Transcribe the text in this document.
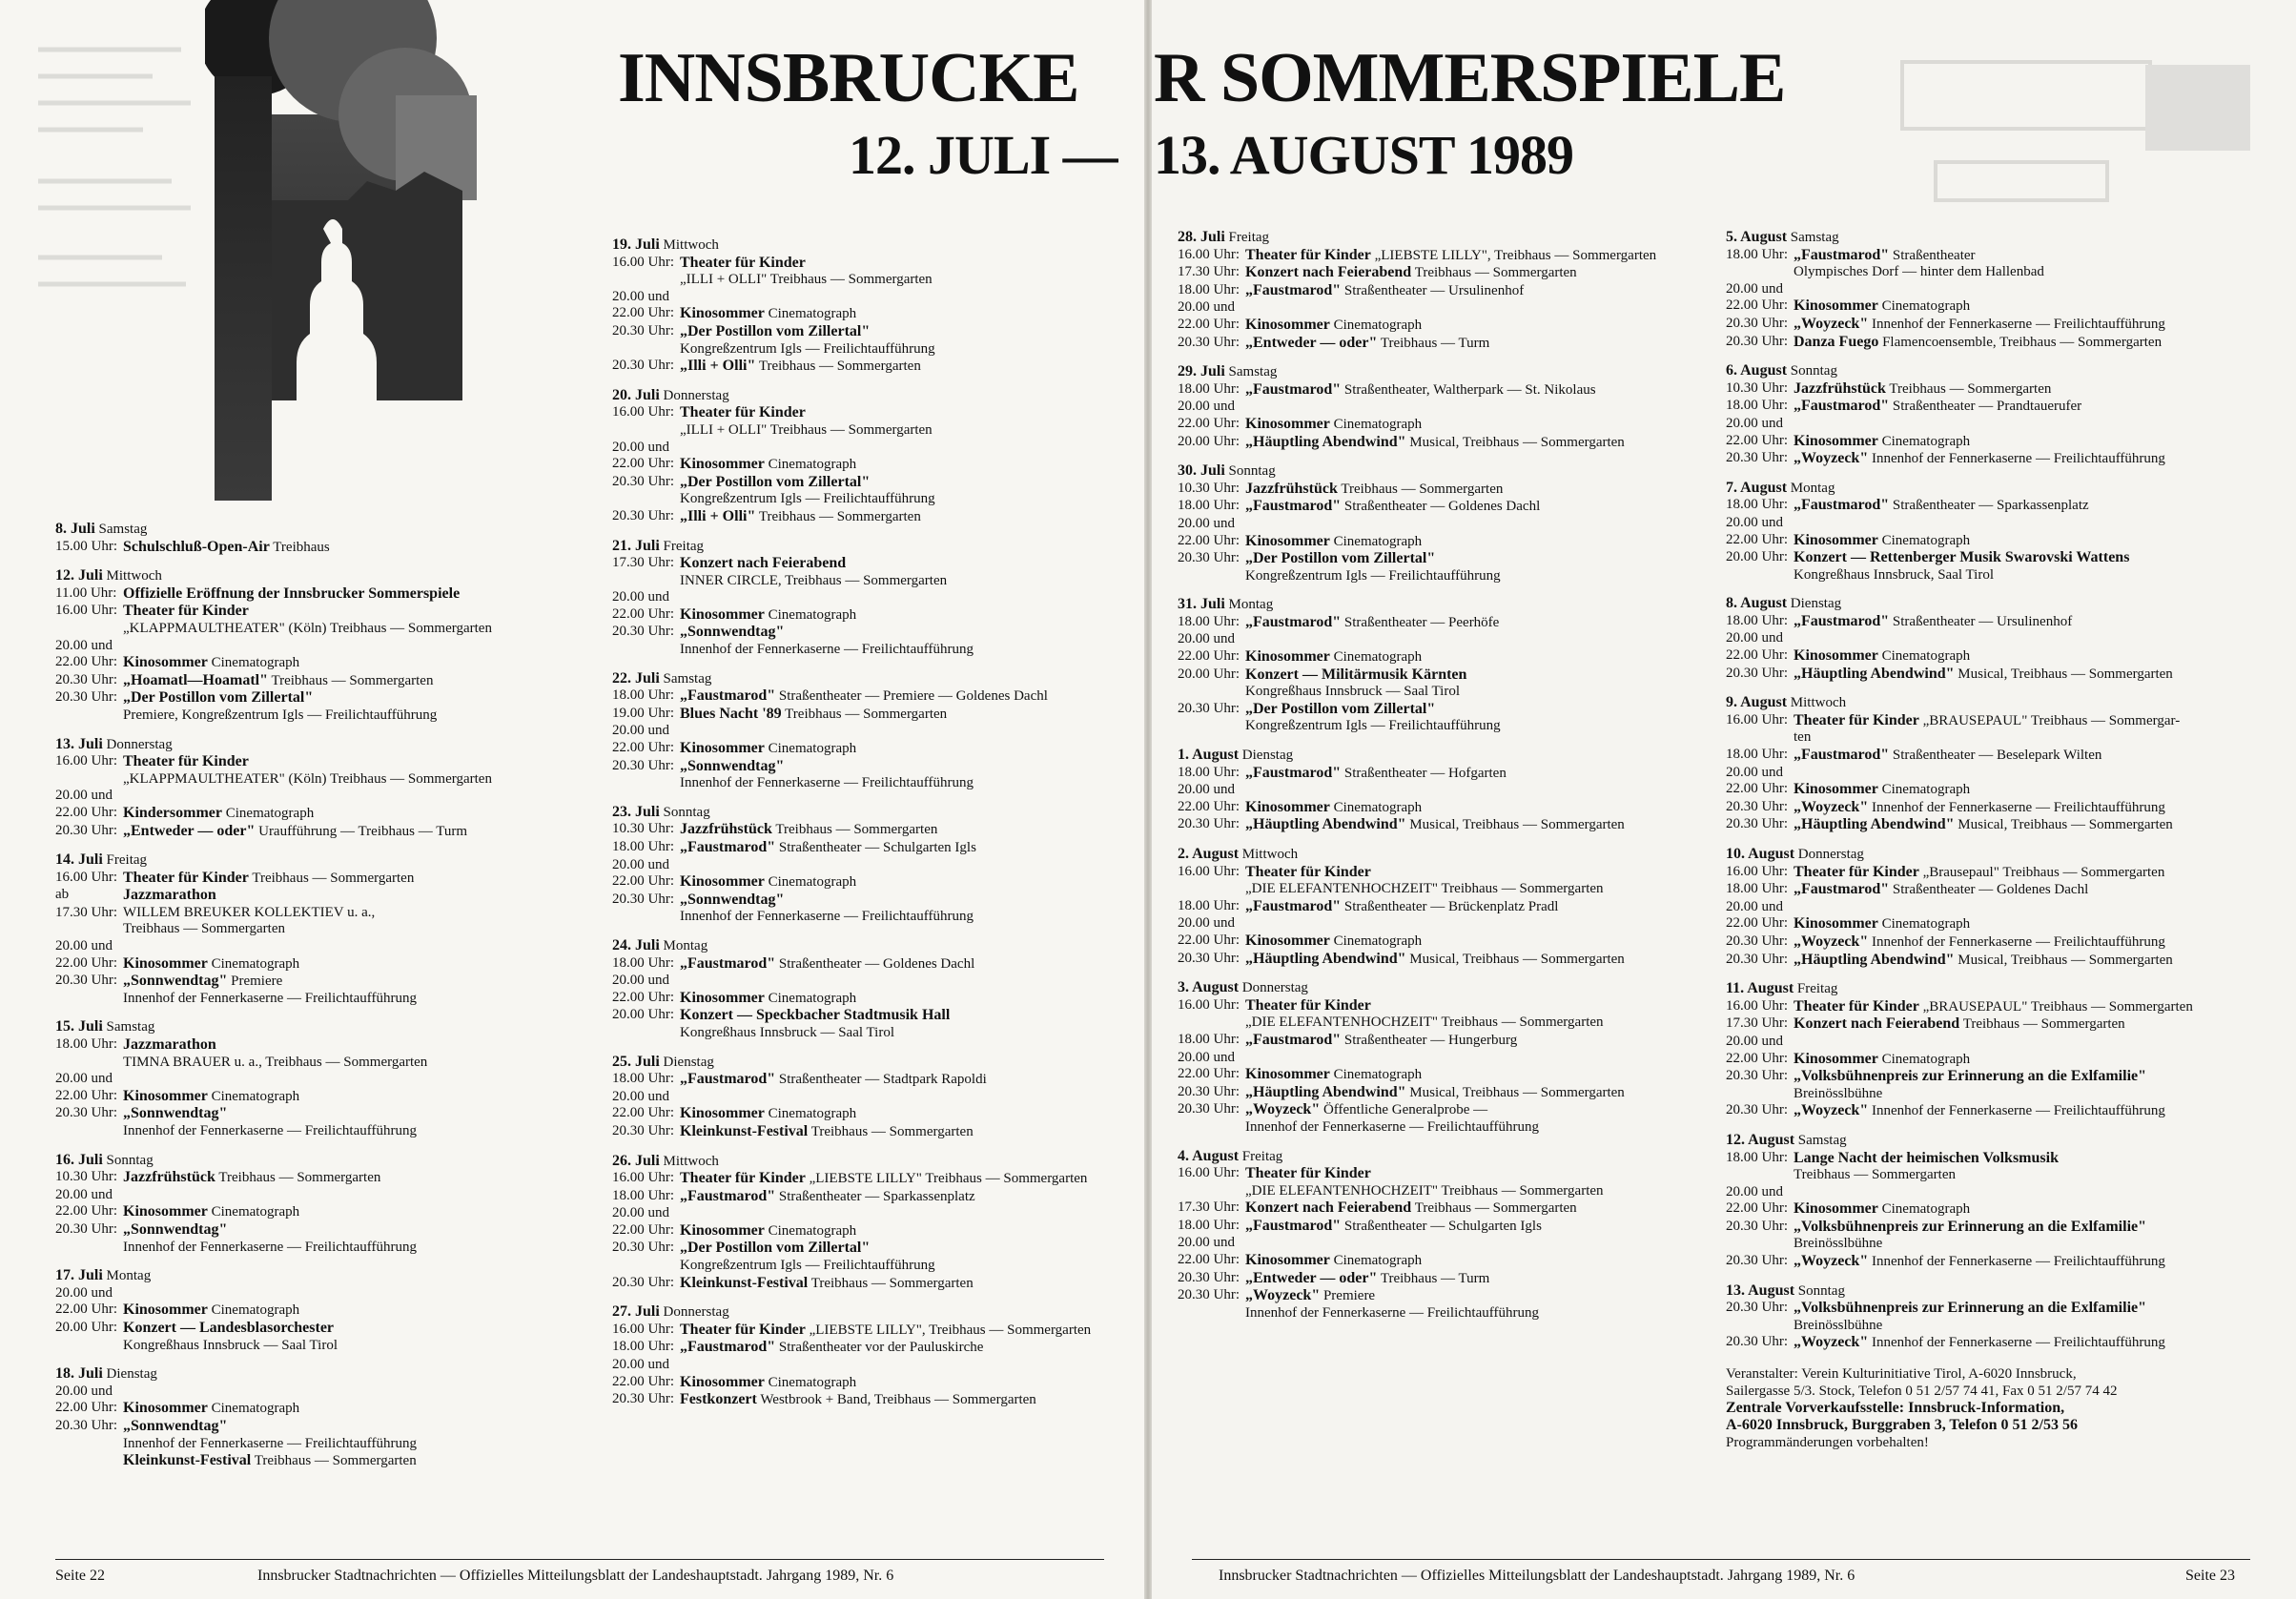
INNSBRUCKE R SOMMERSPIELE
12. JULI — 13. AUGUST 1989
8. Juli Samstag
15.00 Uhr: Schulschluß-Open-Air Treibhaus
12. Juli Mittwoch
11.00 Uhr: Offizielle Eröffnung der Innsbrucker Sommerspiele
16.00 Uhr: Theater für Kinder
„KLAPPMAULTHEATER" (Köln) Treibhaus — Sommergarten
20.00 und
22.00 Uhr: Kinosommer Cinematograph
20.30 Uhr: „Hoamatl—Hoamatl" Treibhaus — Sommergarten
20.30 Uhr: „Der Postillon vom Zillertal"
Premiere, Kongreßzentrum Igls — Freilichtaufführung
13. Juli Donnerstag
16.00 Uhr: Theater für Kinder
„KLAPPMAULTHEATER" (Köln) Treibhaus — Sommergarten
20.00 und
22.00 Uhr: Kindersommer Cinematograph
20.30 Uhr: „Entweder — oder" Uraufführung — Treibhaus — Turm
14. Juli Freitag
16.00 Uhr: Theater für Kinder Treibhaus — Sommergarten
ab	Jazzmarathon
17.30 Uhr: WILLEM BREUKER KOLLEKTIEV u. a.,
Treibhaus — Sommergarten
20.00 und
22.00 Uhr: Kinosommer Cinematograph
20.30 Uhr: „Sonnwendtag" Premiere
Innenhof der Fennerkaserne — Freilichtaufführung
15. Juli Samstag
18.00 Uhr: Jazzmarathon
TIMNA BRAUER u. a., Treibhaus — Sommergarten
20.00 und
22.00 Uhr: Kinosommer Cinematograph
20.30 Uhr: „Sonnwendtag"
Innenhof der Fennerkaserne — Freilichtaufführung
16. Juli Sonntag
10.30 Uhr: Jazzfrühstück Treibhaus — Sommergarten
20.00 und
22.00 Uhr: Kinosommer Cinematograph
20.30 Uhr: „Sonnwendtag"
Innenhof der Fennerkaserne — Freilichtaufführung
17. Juli Montag
20.00 und
22.00 Uhr: Kinosommer Cinematograph
20.00 Uhr: Konzert — Landesblasorchester
Kongreßhaus Innsbruck — Saal Tirol
18. Juli Dienstag
20.00 und
22.00 Uhr: Kinosommer Cinematograph
20.30 Uhr: „Sonnwendtag"
Innenhof der Fennerkaserne — Freilichtaufführung
Kleinkunst-Festival Treibhaus — Sommergarten
19. Juli Mittwoch
16.00 Uhr: Theater für Kinder
„ILLI + OLLI" Treibhaus — Sommergarten
20.00 und
22.00 Uhr: Kinosommer Cinematograph
20.30 Uhr: „Der Postillon vom Zillertal"
Kongreßzentrum Igls — Freilichtaufführung
20.30 Uhr: „Illi + Olli" Treibhaus — Sommergarten
20. Juli Donnerstag
16.00 Uhr: Theater für Kinder
„ILLI + OLLI" Treibhaus — Sommergarten
20.00 und
22.00 Uhr: Kinosommer Cinematograph
20.30 Uhr: „Der Postillon vom Zillertal"
Kongreßzentrum Igls — Freilichtaufführung
20.30 Uhr: „Illi + Olli" Treibhaus — Sommergarten
21. Juli Freitag
17.30 Uhr: Konzert nach Feierabend
INNER CIRCLE, Treibhaus — Sommergarten
20.00 und
22.00 Uhr: Kinosommer Cinematograph
20.30 Uhr: „Sonnwendtag"
Innenhof der Fennerkaserne — Freilichtaufführung
22. Juli Samstag
18.00 Uhr: „Faustmarod" Straßentheater — Premiere — Goldenes Dachl
19.00 Uhr: Blues Nacht '89 Treibhaus — Sommergarten
20.00 und
22.00 Uhr: Kinosommer Cinematograph
20.30 Uhr: „Sonnwendtag"
Innenhof der Fennerkaserne — Freilichtaufführung
23. Juli Sonntag
10.30 Uhr: Jazzfrühstück Treibhaus — Sommergarten
18.00 Uhr: „Faustmarod" Straßentheater — Schulgarten Igls
20.00 und
22.00 Uhr: Kinosommer Cinematograph
20.30 Uhr: „Sonnwendtag"
Innenhof der Fennerkaserne — Freilichtaufführung
24. Juli Montag
18.00 Uhr: „Faustmarod" Straßentheater — Goldenes Dachl
20.00 und
22.00 Uhr: Kinosommer Cinematograph
20.00 Uhr: Konzert — Speckbacher Stadtmusik Hall
Kongreßhaus Innsbruck — Saal Tirol
25. Juli Dienstag
18.00 Uhr: „Faustmarod" Straßentheater — Stadtpark Rapoldi
20.00 und
22.00 Uhr: Kinosommer Cinematograph
20.30 Uhr: Kleinkunst-Festival Treibhaus — Sommergarten
26. Juli Mittwoch
16.00 Uhr: Theater für Kinder „LIEBSTE LILLY" Treibhaus — Sommergarten
18.00 Uhr: „Faustmarod" Straßentheater — Sparkassenplatz
20.00 und
22.00 Uhr: Kinosommer Cinematograph
20.30 Uhr: „Der Postillon vom Zillertal"
Kongreßzentrum Igls — Freilichtaufführung
20.30 Uhr: Kleinkunst-Festival Treibhaus — Sommergarten
27. Juli Donnerstag
16.00 Uhr: Theater für Kinder „LIEBSTE LILLY", Treibhaus — Sommergarten
18.00 Uhr: „Faustmarod" Straßentheater vor der Pauluskirche
20.00 und
22.00 Uhr: Kinosommer Cinematograph
20.30 Uhr: Festkonzert Westbrook + Band, Treibhaus — Sommergarten
28. Juli Freitag
16.00 Uhr: Theater für Kinder „LIEBSTE LILLY", Treibhaus — Sommergarten
17.30 Uhr: Konzert nach Feierabend Treibhaus — Sommergarten
18.00 Uhr: „Faustmarod" Straßentheater — Ursulinenhof
20.00 und
22.00 Uhr: Kinosommer Cinematograph
20.30 Uhr: „Entweder — oder" Treibhaus — Turm
29. Juli Samstag
18.00 Uhr: „Faustmarod" Straßentheater, Waltherpark — St. Nikolaus
20.00 und
22.00 Uhr: Kinosommer Cinematograph
20.00 Uhr: „Häuptling Abendwind" Musical, Treibhaus — Sommergarten
30. Juli Sonntag
10.30 Uhr: Jazzfrühstück Treibhaus — Sommergarten
18.00 Uhr: „Faustmarod" Straßentheater — Goldenes Dachl
20.00 und
22.00 Uhr: Kinosommer Cinematograph
20.30 Uhr: „Der Postillon vom Zillertal"
Kongreßzentrum Igls — Freilichtaufführung
31. Juli Montag
18.00 Uhr: „Faustmarod" Straßentheater — Peerhöfe
20.00 und
22.00 Uhr: Kinosommer Cinematograph
20.00 Uhr: Konzert — Militärmusik Kärnten
Kongreßhaus Innsbruck — Saal Tirol
20.30 Uhr: „Der Postillon vom Zillertal"
Kongreßzentrum Igls — Freilichtaufführung
1. August Dienstag
18.00 Uhr: „Faustmarod" Straßentheater — Hofgarten
20.00 und
22.00 Uhr: Kinosommer Cinematograph
20.30 Uhr: „Häuptling Abendwind" Musical, Treibhaus — Sommergarten
2. August Mittwoch
16.00 Uhr: Theater für Kinder
„DIE ELEFANTENHOCHZEIT" Treibhaus — Sommergarten
18.00 Uhr: „Faustmarod" Straßentheater — Brückenplatz Pradl
20.00 und
22.00 Uhr: Kinosommer Cinematograph
20.30 Uhr: „Häuptling Abendwind" Musical, Treibhaus — Sommergarten
3. August Donnerstag
16.00 Uhr: Theater für Kinder
„DIE ELEFANTENHOCHZEIT" Treibhaus — Sommergarten
18.00 Uhr: „Faustmarod" Straßentheater — Hungerburg
20.00 und
22.00 Uhr: Kinosommer Cinematograph
20.30 Uhr: „Häuptling Abendwind" Musical, Treibhaus — Sommergarten
20.30 Uhr: „Woyzeck" Öffentliche Generalprobe —
Innenhof der Fennerkaserne — Freilichtaufführung
4. August Freitag
16.00 Uhr: Theater für Kinder
„DIE ELEFANTENHOCHZEIT" Treibhaus — Sommergarten
17.30 Uhr: Konzert nach Feierabend Treibhaus — Sommergarten
18.00 Uhr: „Faustmarod" Straßentheater — Schulgarten Igls
20.00 und
22.00 Uhr: Kinosommer Cinematograph
20.30 Uhr: „Entweder — oder" Treibhaus — Turm
20.30 Uhr: „Woyzeck" Premiere
Innenhof der Fennerkaserne — Freilichtaufführung
5. August Samstag
18.00 Uhr: „Faustmarod" Straßentheater
Olympisches Dorf — hinter dem Hallenbad
20.00 und
22.00 Uhr: Kinosommer Cinematograph
20.30 Uhr: „Woyzeck" Innenhof der Fennerkaserne — Freilichtaufführung
20.30 Uhr: Danza Fuego Flamencoensemble, Treibhaus — Sommergarten
6. August Sonntag
10.30 Uhr: Jazzfrühstück Treibhaus — Sommergarten
18.00 Uhr: „Faustmarod" Straßentheater — Prandtauerufer
20.00 und
22.00 Uhr: Kinosommer Cinematograph
20.30 Uhr: „Woyzeck" Innenhof der Fennerkaserne — Freilichtaufführung
7. August Montag
18.00 Uhr: „Faustmarod" Straßentheater — Sparkassenplatz
20.00 und
22.00 Uhr: Kinosommer Cinematograph
20.00 Uhr: Konzert — Rettenberger Musik Swarovski Wattens
Kongreßhaus Innsbruck, Saal Tirol
8. August Dienstag
18.00 Uhr: „Faustmarod" Straßentheater — Ursulinenhof
20.00 und
22.00 Uhr: Kinosommer Cinematograph
20.30 Uhr: „Häuptling Abendwind" Musical, Treibhaus — Sommergarten
9. August Mittwoch
16.00 Uhr: Theater für Kinder „BRAUSEPAUL" Treibhaus — Sommergar-
ten
18.00 Uhr: „Faustmarod" Straßentheater — Beselepark Wilten
20.00 und
22.00 Uhr: Kinosommer Cinematograph
20.30 Uhr: „Woyzeck" Innenhof der Fennerkaserne — Freilichtaufführung
20.30 Uhr: „Häuptling Abendwind" Musical, Treibhaus — Sommergarten
10. August Donnerstag
16.00 Uhr: Theater für Kinder „Brausepaul" Treibhaus — Sommergarten
18.00 Uhr: „Faustmarod" Straßentheater — Goldenes Dachl
20.00 und
22.00 Uhr: Kinosommer Cinematograph
20.30 Uhr: „Woyzeck" Innenhof der Fennerkaserne — Freilichtaufführung
20.30 Uhr: „Häuptling Abendwind" Musical, Treibhaus — Sommergarten
11. August Freitag
16.00 Uhr: Theater für Kinder „BRAUSEPAUL" Treibhaus — Sommergarten
17.30 Uhr: Konzert nach Feierabend Treibhaus — Sommergarten
20.00 und
22.00 Uhr: Kinosommer Cinematograph
20.30 Uhr: „Volksbühnenpreis zur Erinnerung an die Exlfamilie"
Breinösslbühne
20.30 Uhr: „Woyzeck" Innenhof der Fennerkaserne — Freilichtaufführung
12. August Samstag
18.00 Uhr: Lange Nacht der heimischen Volksmusik
Treibhaus — Sommergarten
20.00 und
22.00 Uhr: Kinosommer Cinematograph
20.30 Uhr: „Volksbühnenpreis zur Erinnerung an die Exlfamilie"
Breinösslbühne
20.30 Uhr: „Woyzeck" Innenhof der Fennerkaserne — Freilichtaufführung
13. August Sonntag
20.30 Uhr: „Volksbühnenpreis zur Erinnerung an die Exlfamilie"
Breinösslbühne
20.30 Uhr: „Woyzeck" Innenhof der Fennerkaserne — Freilichtaufführung
Veranstalter: Verein Kulturinitiative Tirol, A-6020 Innsbruck,
Sailergasse 5/3. Stock, Telefon 0 51 2/57 74 41, Fax 0 51 2/57 74 42
Zentrale Vorverkaufsstelle: Innsbruck-Information,
A-6020 Innsbruck, Burggraben 3, Telefon 0 51 2/53 56
Programmänderungen vorbehalten!
Seite 22	Innsbrucker Stadtnachrichten — Offizielles Mitteilungsblatt der Landeshauptstadt. Jahrgang 1989, Nr. 6	Innsbrucker Stadtnachrichten — Offizielles Mitteilungsblatt der Landeshauptstadt. Jahrgang 1989, Nr. 6	Seite 23
